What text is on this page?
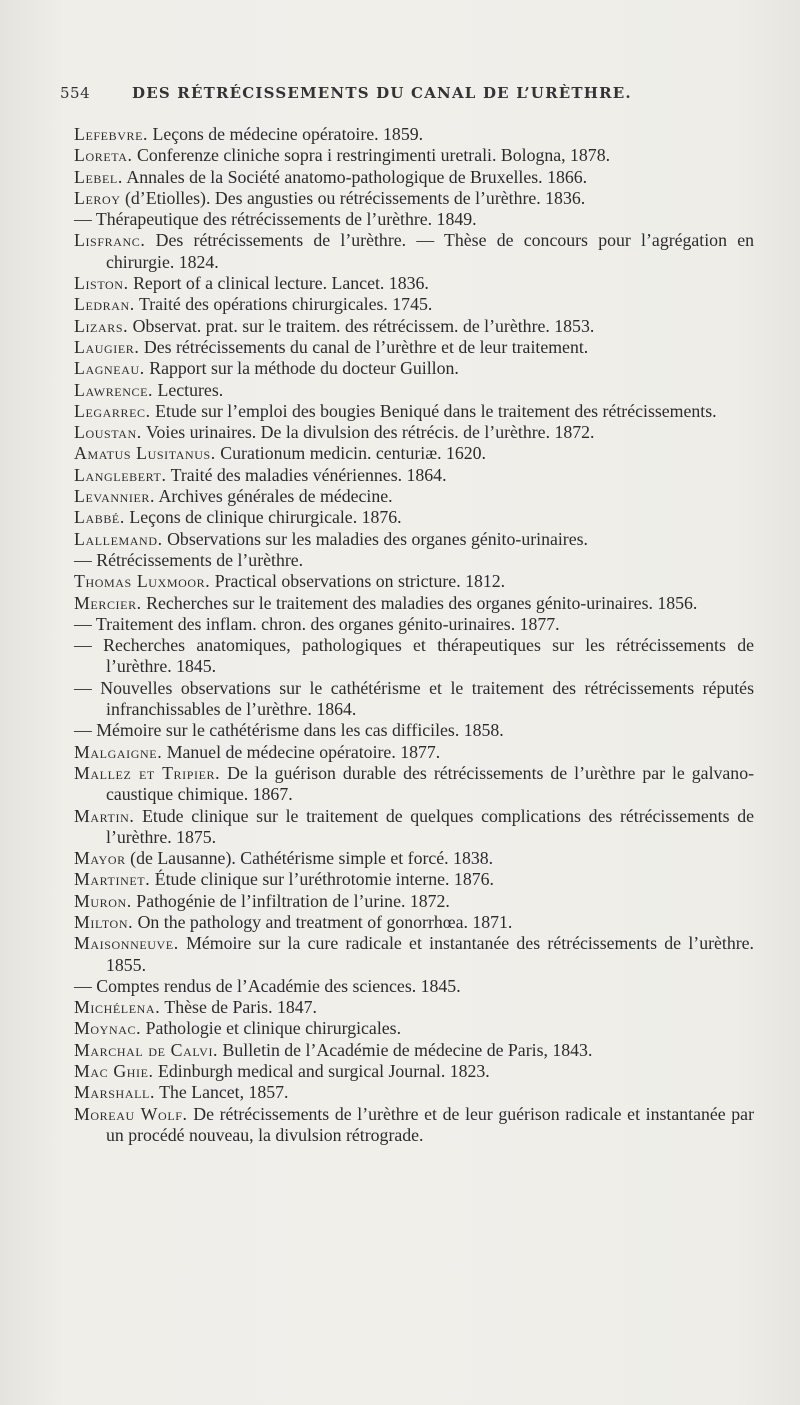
554	DES RÉTRÉCISSEMENTS DU CANAL DE L’URÈTHRE.

Lefebvre. Leçons de médecine opératoire. 1859.

Loreta. Conferenze cliniche sopra i restringimenti uretrali. Bologna, 1878.

Lebel. Annales de la Société anatomo-pathologique de Bruxelles. 1866.

Leroy (d’Etiolles). Des angusties ou rétrécissements de l’urèthre. 1836.

— Thérapeutique des rétrécissements de l’urèthre. 1849.

Lisfranc. Des rétrécissements de l’urèthre. — Thèse de concours pour l’agrégation en chirurgie. 1824.

Liston. Report of a clinical lecture. Lancet. 1836.

Ledran. Traité des opérations chirurgicales. 1745.

Lizars. Observat. prat. sur le traitem. des rétrécissem. de l’urèthre. 1853.

Laugier. Des rétrécissements du canal de l’urèthre et de leur traitement.

Lagneau. Rapport sur la méthode du docteur Guillon.

Lawrence. Lectures.

Legarrec. Etude sur l’emploi des bougies Beniqué dans le traitement des rétrécissements.

Loustan. Voies urinaires. De la divulsion des rétrécis. de l’urèthre. 1872.

Amatus Lusitanus. Curationum medicin. centuriæ. 1620.

Langlebert. Traité des maladies vénériennes. 1864.

Levannier. Archives générales de médecine.

Labbé. Leçons de clinique chirurgicale. 1876.

Lallemand. Observations sur les maladies des organes génito-urinaires.

— Rétrécissements de l’urèthre.

Thomas Luxmoor. Practical observations on stricture. 1812.

Mercier. Recherches sur le traitement des maladies des organes génito-urinaires. 1856.

— Traitement des inflam. chron. des organes génito-urinaires. 1877.

— Recherches anatomiques, pathologiques et thérapeutiques sur les rétrécissements de l’urèthre. 1845.

— Nouvelles observations sur le cathétérisme et le traitement des rétrécissements réputés infranchissables de l’urèthre. 1864.

— Mémoire sur le cathétérisme dans les cas difficiles. 1858.

Malgaigne. Manuel de médecine opératoire. 1877.

Mallez et Tripier. De la guérison durable des rétrécissements de l’urèthre par le galvano-caustique chimique. 1867.

Martin. Etude clinique sur le traitement de quelques complications des rétrécissements de l’urèthre. 1875.

Mayor (de Lausanne). Cathétérisme simple et forcé. 1838.

Martinet. Étude clinique sur l’uréthrotomie interne. 1876.

Muron. Pathogénie de l’infiltration de l’urine. 1872.

Milton. On the pathology and treatment of gonorrhœa. 1871.

Maisonneuve. Mémoire sur la cure radicale et instantanée des rétrécissements de l’urèthre. 1855.

— Comptes rendus de l’Académie des sciences. 1845.

Michélena. Thèse de Paris. 1847.

Moynac. Pathologie et clinique chirurgicales.

Marchal de Calvi. Bulletin de l’Académie de médecine de Paris, 1843.

Mac Ghie. Edinburgh medical and surgical Journal. 1823.

Marshall. The Lancet, 1857.

Moreau Wolf. De rétrécissements de l’urèthre et de leur guérison radicale et instantanée par un procédé nouveau, la divulsion rétrograde.
